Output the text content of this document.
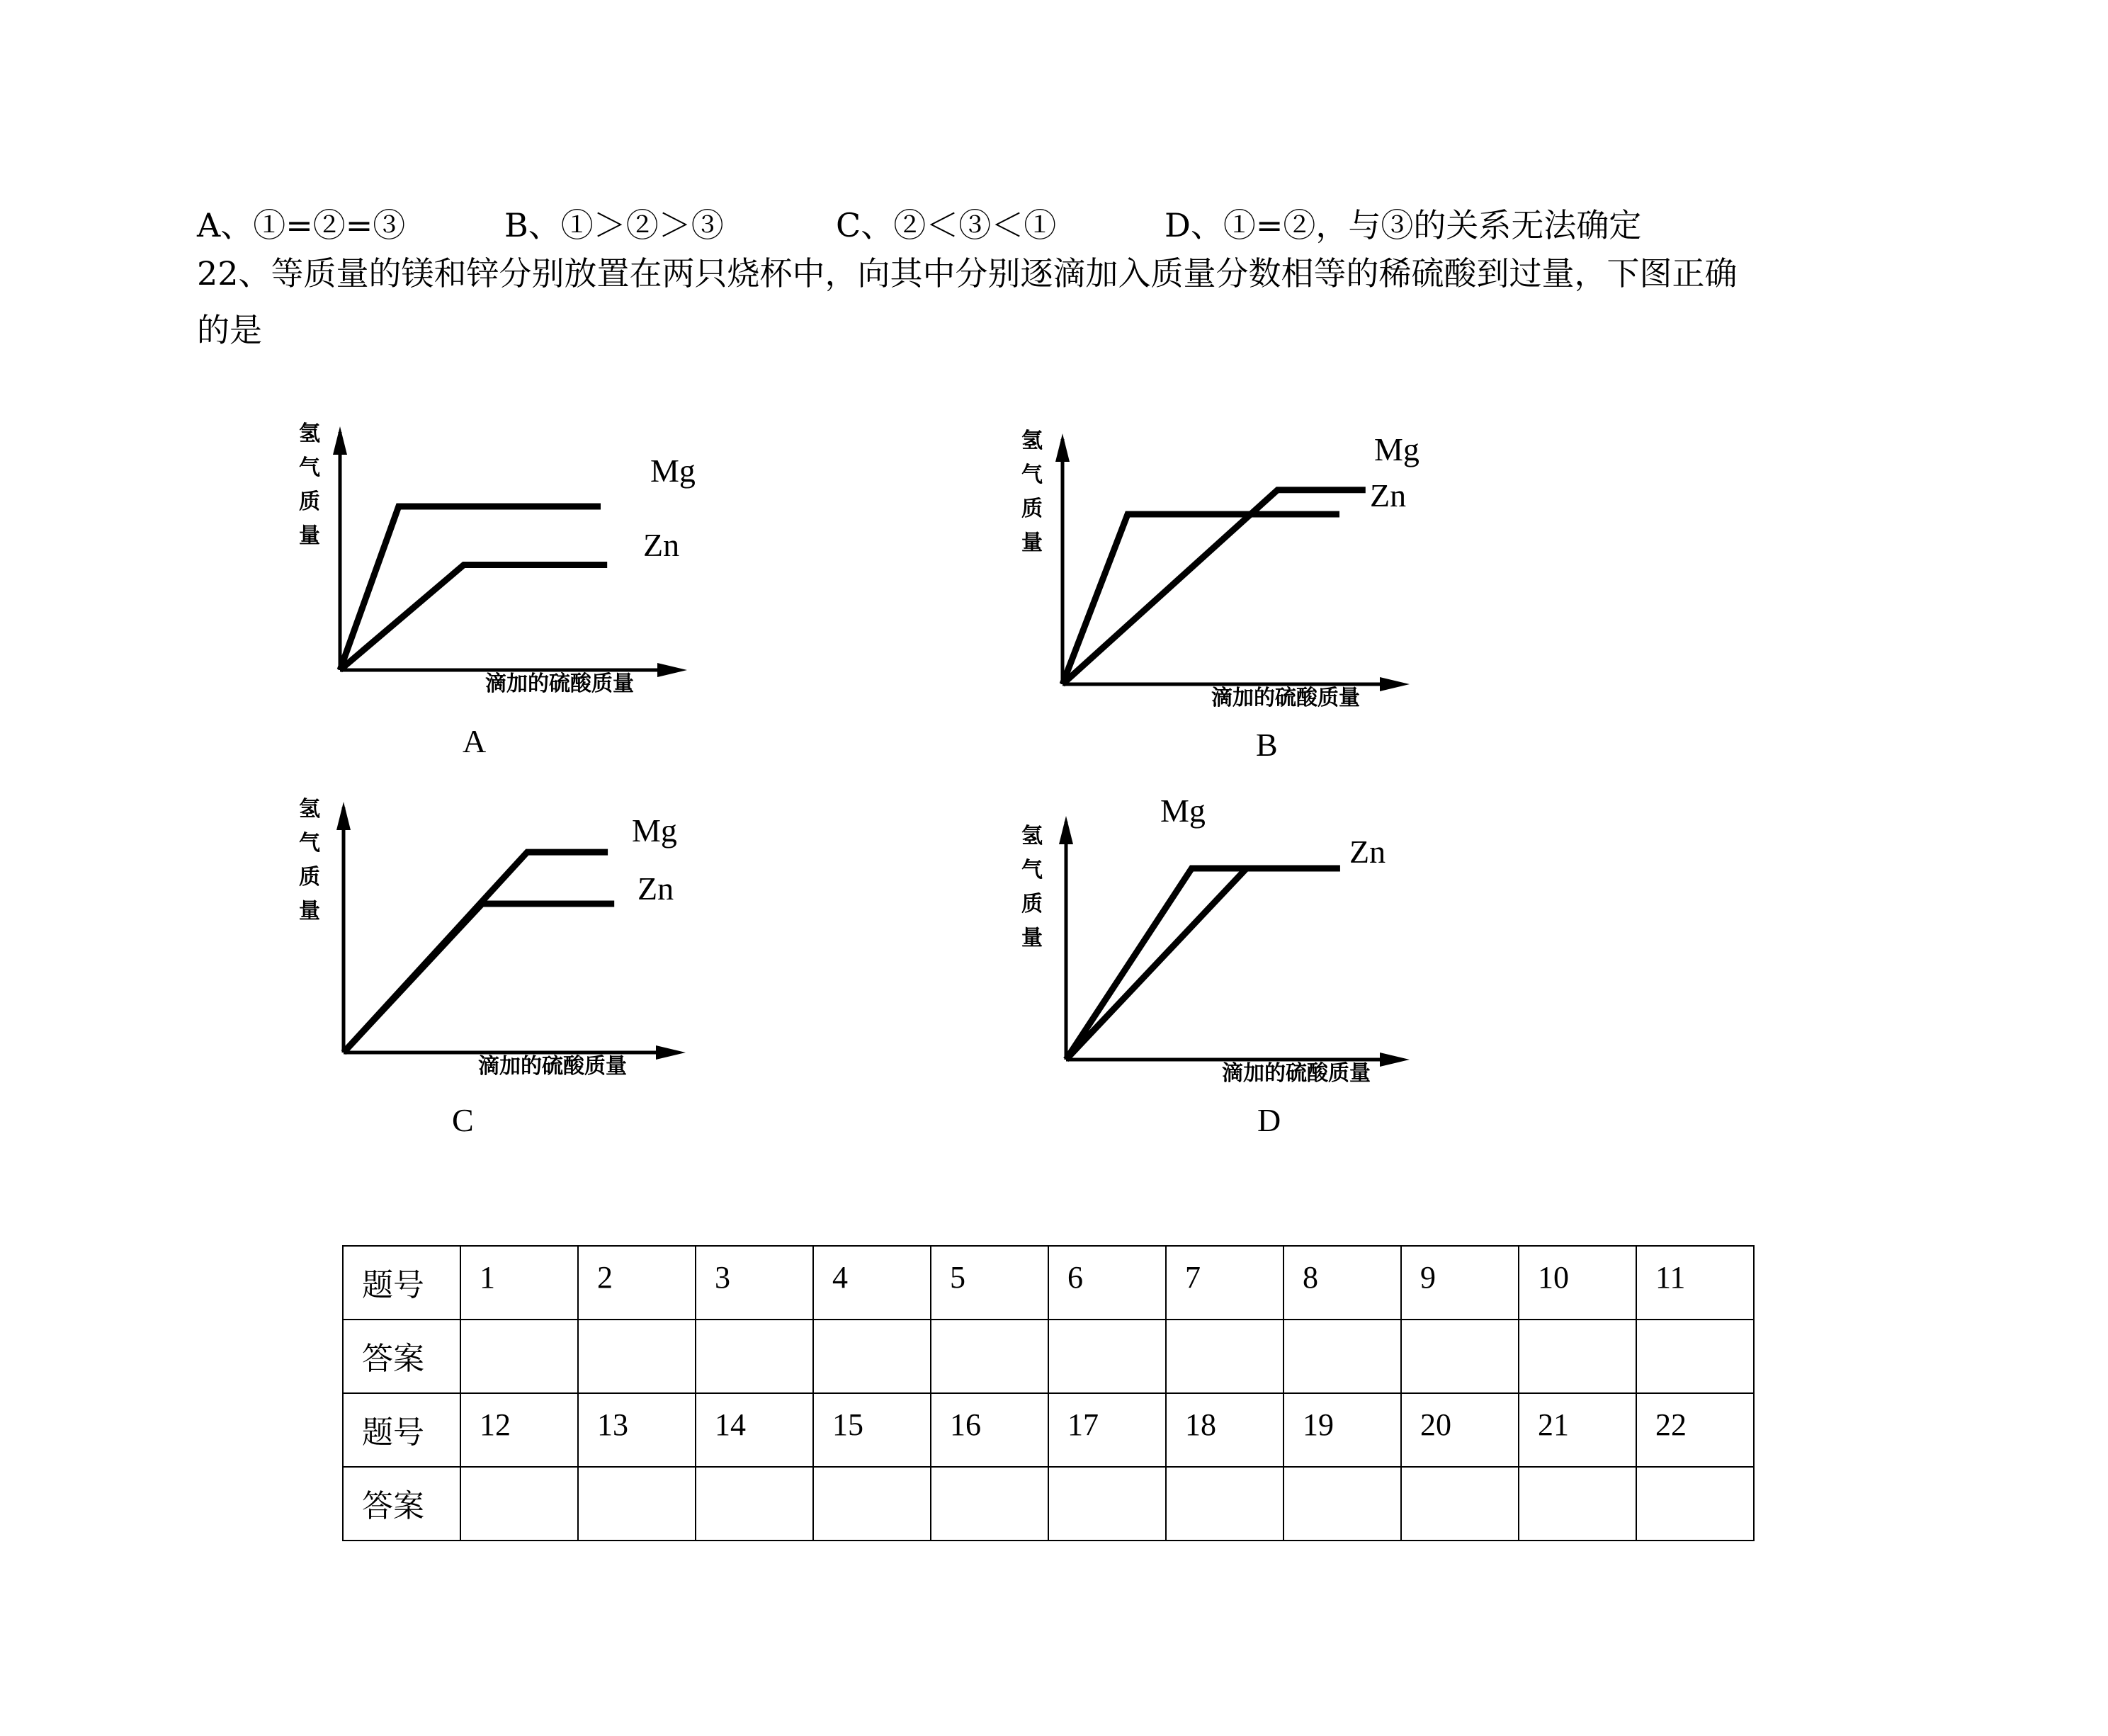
A、①=②=③	B、①＞②＞③	C、②＜③＜①	D、①=②，与③的关系无法确定
22、等质量的镁和锌分别放置在两只烧杯中，向其中分别逐滴加入质量分数相等的稀硫酸到过量，下图正确
的是
氢
气
质
量
滴加的硫酸质量
Mg
Zn
A
氢
气
质
量
滴加的硫酸质量
Mg
Zn
B
氢
气
质
量
滴加的硫酸质量
Mg
Zn
C
氢
气
质
量
滴加的硫酸质量
Mg
Zn
D
题号	1	2	3	4	5	6	7	8	9	10	11
答案											
题号	12	13	14	15	16	17	18	19	20	21	22
答案											
